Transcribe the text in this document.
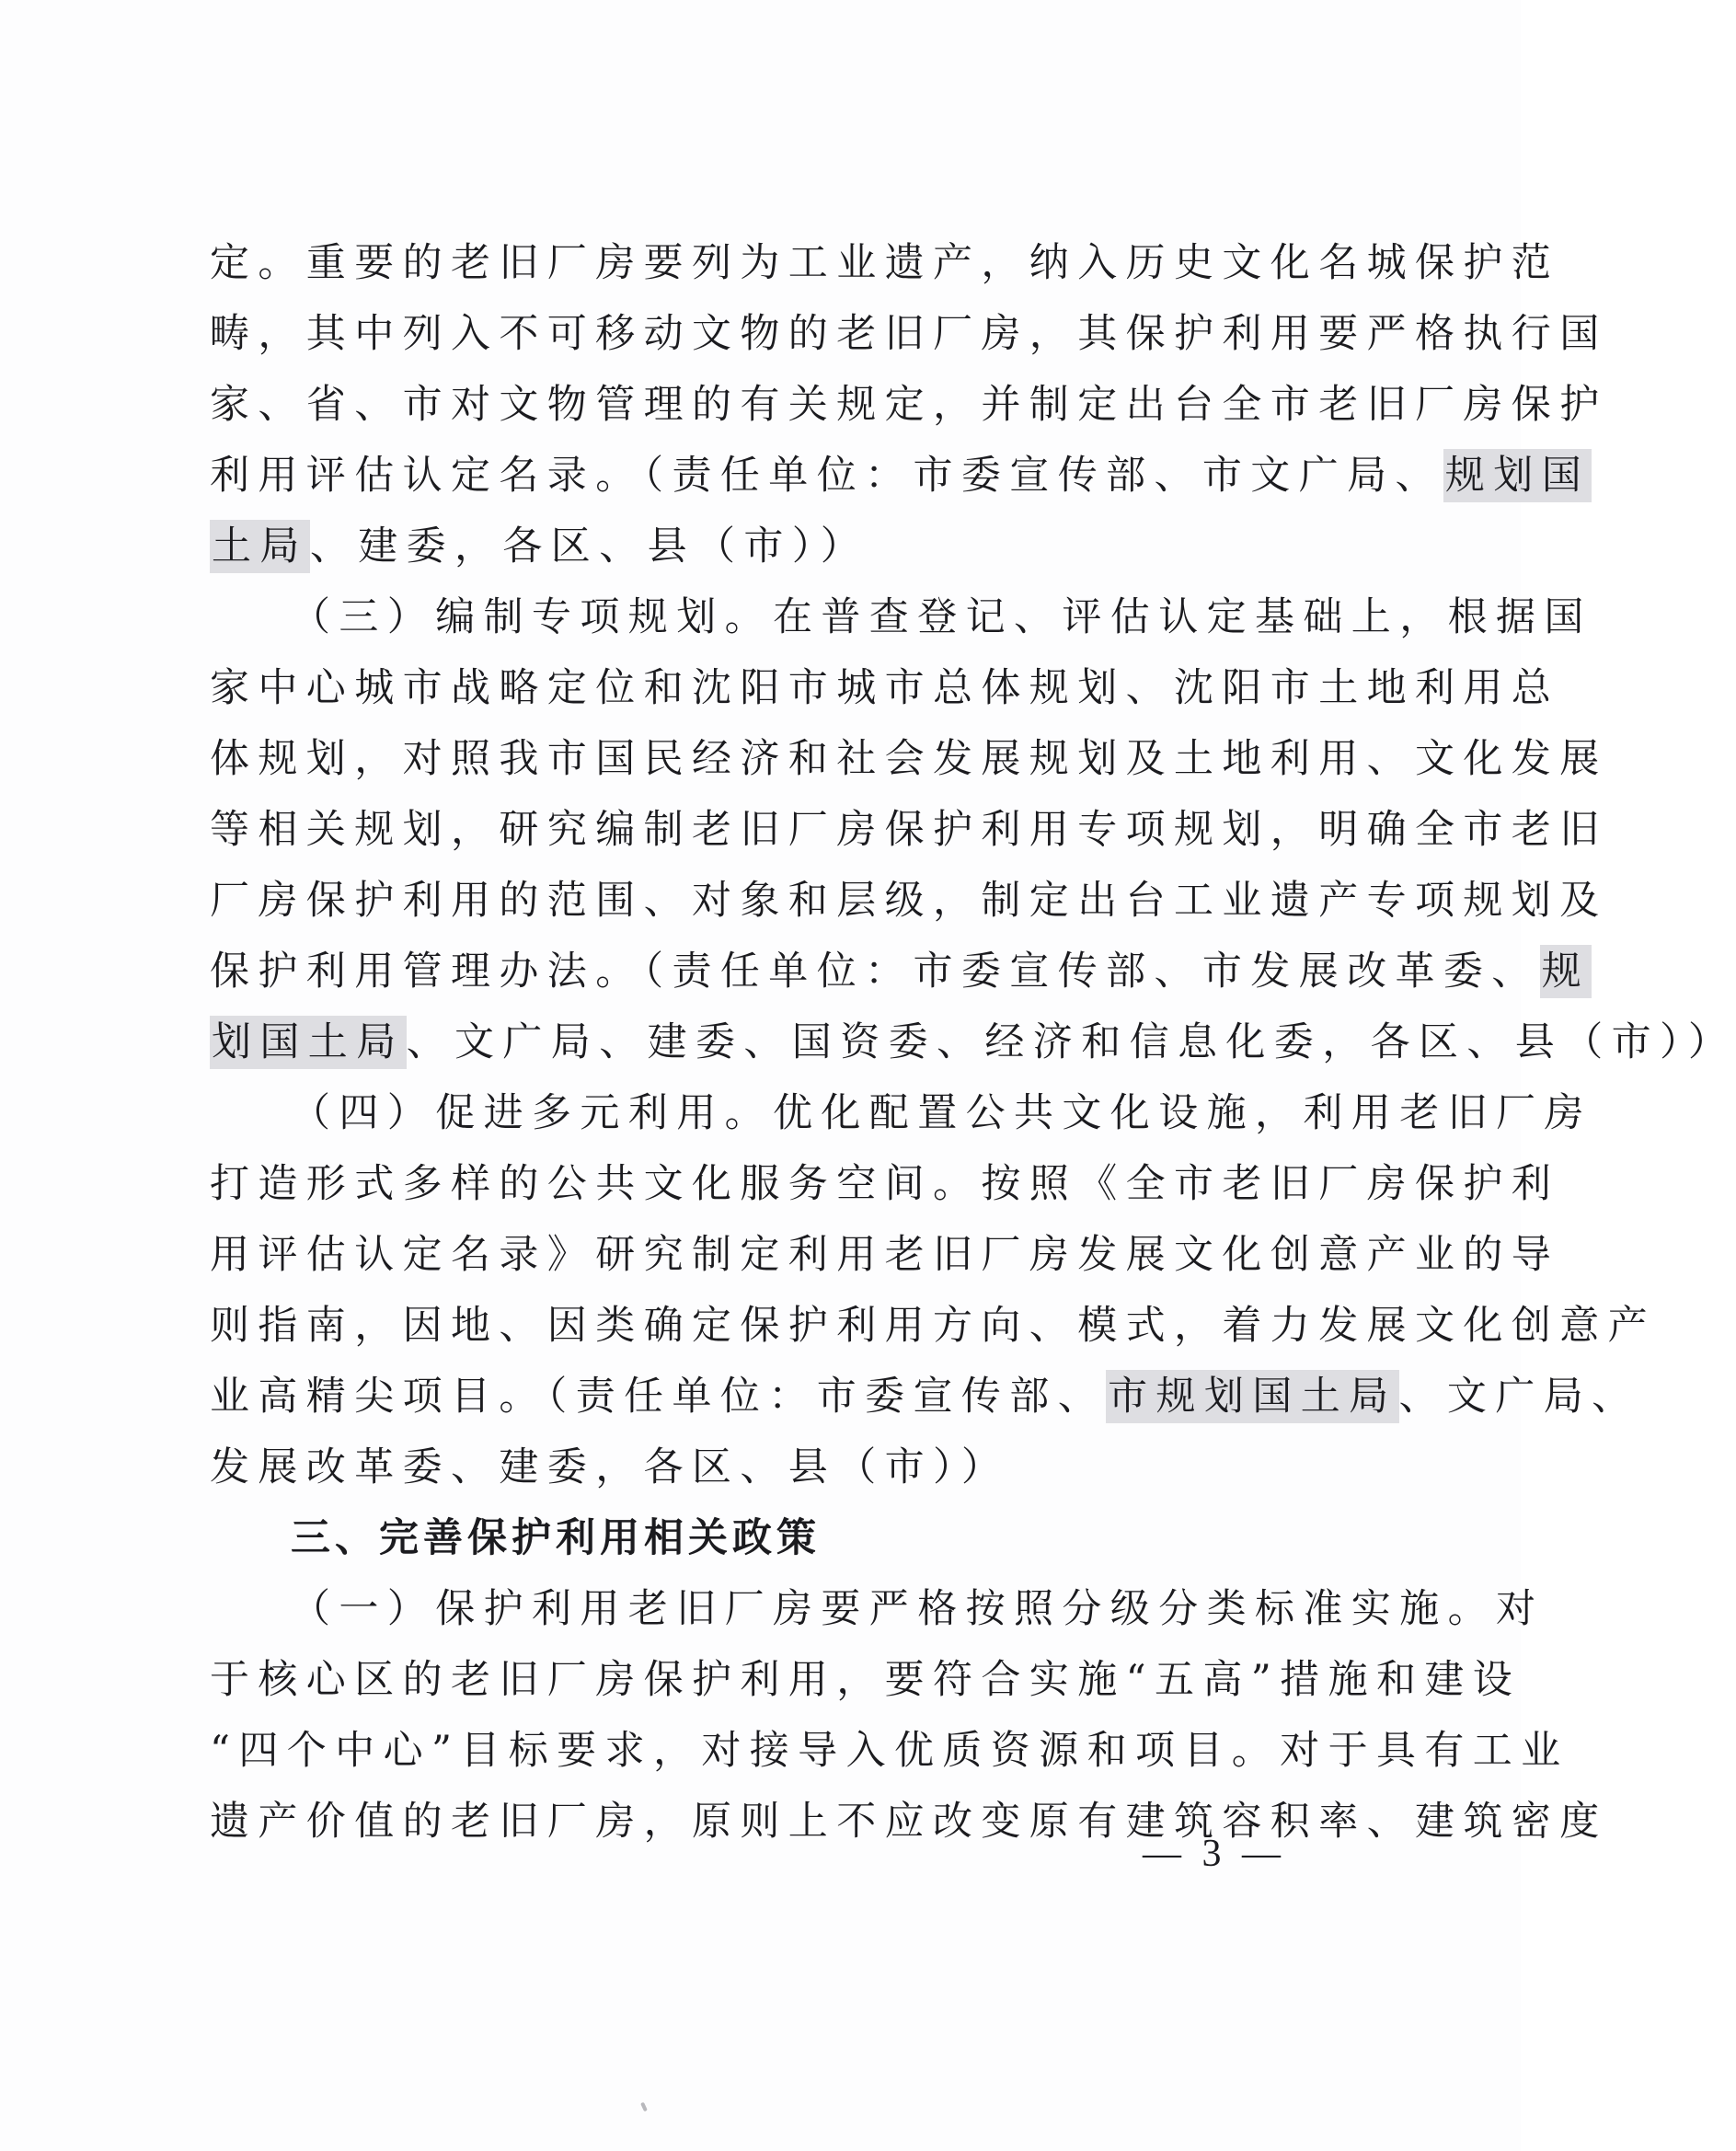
定。重要的老旧厂房要列为工业遗产，纳入历史文化名城保护范
畴，其中列入不可移动文物的老旧厂房，其保护利用要严格执行国
家、省、市对文物管理的有关规定，并制定出台全市老旧厂房保护
利用评估认定名录。（责任单位：市委宣传部、市文广局、规划国
土局、建委，各区、县（市））
（三）编制专项规划。在普查登记、评估认定基础上，根据国
家中心城市战略定位和沈阳市城市总体规划、沈阳市土地利用总
体规划，对照我市国民经济和社会发展规划及土地利用、文化发展
等相关规划，研究编制老旧厂房保护利用专项规划，明确全市老旧
厂房保护利用的范围、对象和层级，制定出台工业遗产专项规划及
保护利用管理办法。（责任单位：市委宣传部、市发展改革委、规
划国土局、文广局、建委、国资委、经济和信息化委，各区、县（市））
（四）促进多元利用。优化配置公共文化设施，利用老旧厂房
打造形式多样的公共文化服务空间。按照《全市老旧厂房保护利
用评估认定名录》研究制定利用老旧厂房发展文化创意产业的导
则指南，因地、因类确定保护利用方向、模式，着力发展文化创意产
业高精尖项目。（责任单位：市委宣传部、市规划国土局、文广局、
发展改革委、建委，各区、县（市））
三、完善保护利用相关政策
（一）保护利用老旧厂房要严格按照分级分类标准实施。对
于核心区的老旧厂房保护利用，要符合实施“五高”措施和建设
“四个中心”目标要求，对接导入优质资源和项目。对于具有工业
遗产价值的老旧厂房，原则上不应改变原有建筑容积率、建筑密度
— 3 —
